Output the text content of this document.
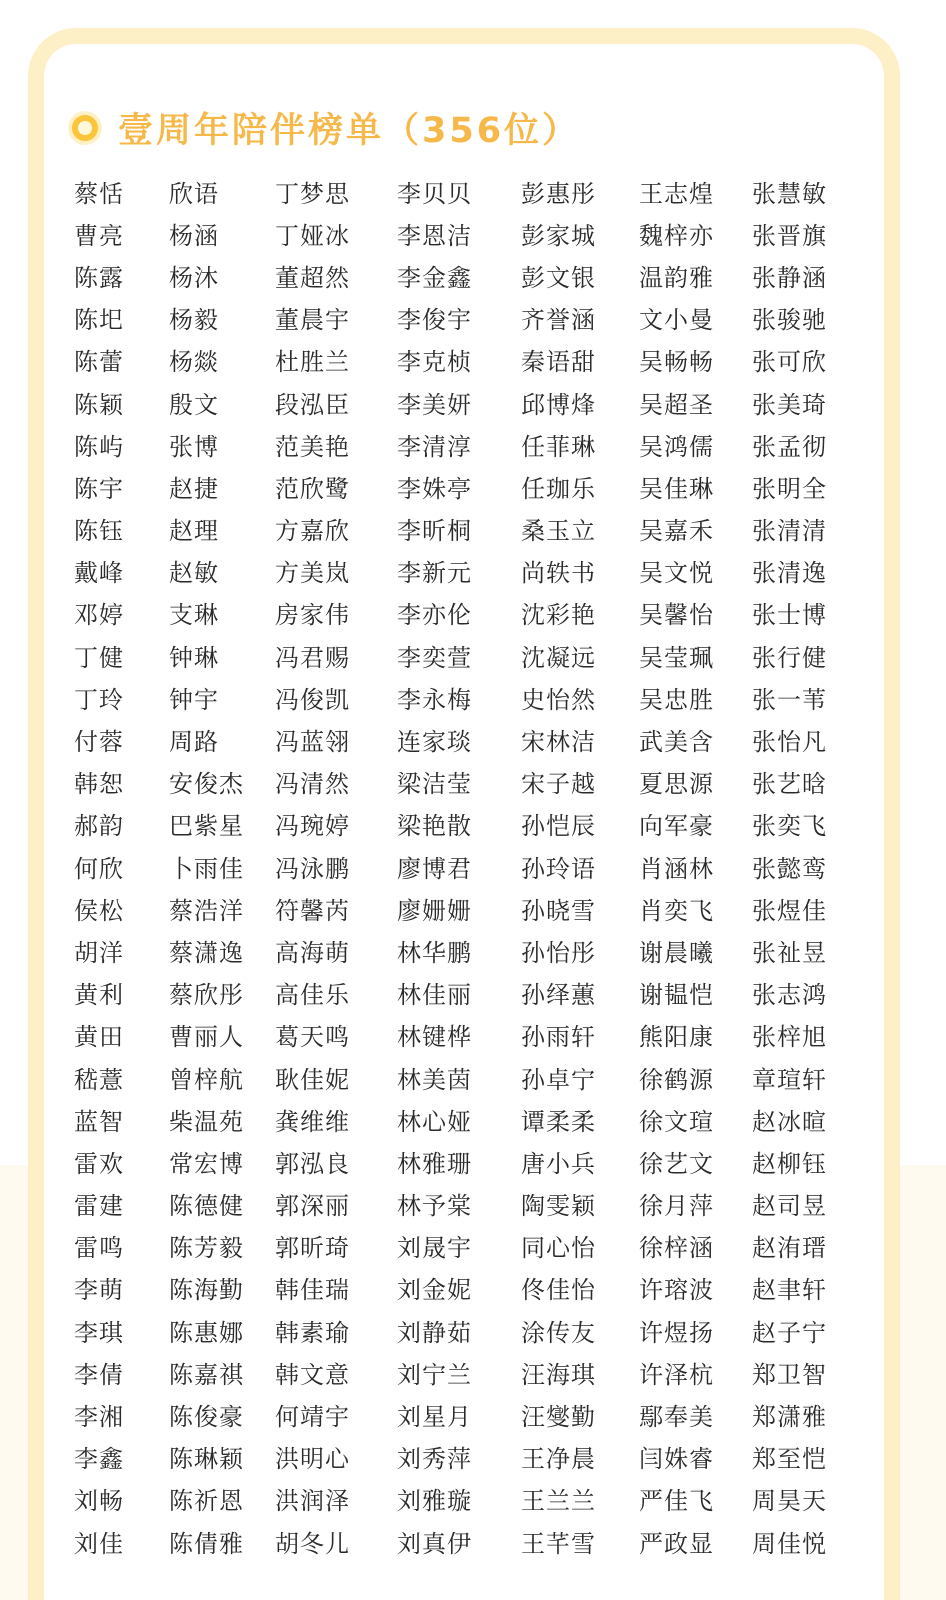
壹周年陪伴榜单（356位）
蔡恬	欣语	丁梦思	李贝贝	彭惠彤	王志煌	张慧敏
曹亮	杨涵	丁娅冰	李恩洁	彭家城	魏梓亦	张晋旗
陈露	杨沐	董超然	李金鑫	彭文银	温韵雅	张静涵
陈圯	杨毅	董晨宇	李俊宇	齐誉涵	文小曼	张骏驰
陈蕾	杨燚	杜胜兰	李克桢	秦语甜	吴畅畅	张可欣
陈颖	殷文	段泓臣	李美妍	邱博烽	吴超圣	张美琦
陈屿	张博	范美艳	李清淳	任菲琳	吴鸿儒	张孟彻
陈宇	赵捷	范欣鹭	李姝亭	任珈乐	吴佳琳	张明全
陈钰	赵理	方嘉欣	李昕桐	桑玉立	吴嘉禾	张清清
戴峰	赵敏	方美岚	李新元	尚轶书	吴文悦	张清逸
邓婷	支琳	房家伟	李亦伦	沈彩艳	吴馨怡	张士博
丁健	钟琳	冯君赐	李奕萱	沈凝远	吴莹珮	张行健
丁玲	钟宇	冯俊凯	李永梅	史怡然	吴忠胜	张一苇
付蓉	周路	冯蓝翎	连家琰	宋林洁	武美含	张怡凡
韩恕	安俊杰	冯清然	梁洁莹	宋子越	夏思源	张艺晗
郝韵	巴紫星	冯琬婷	梁艳散	孙恺辰	向军豪	张奕飞
何欣	卜雨佳	冯泳鹏	廖博君	孙玲语	肖涵林	张懿鸾
侯松	蔡浩洋	符馨芮	廖姗姗	孙晓雪	肖奕飞	张煜佳
胡洋	蔡潇逸	高海萌	林华鹏	孙怡彤	谢晨曦	张祉昱
黄利	蔡欣彤	高佳乐	林佳丽	孙绎蕙	谢韫恺	张志鸿
黄田	曹丽人	葛天鸣	林键桦	孙雨轩	熊阳康	张梓旭
嵇薏	曾梓航	耿佳妮	林美茵	孙卓宁	徐鹤源	章瑄轩
蓝智	柴温苑	龚维维	林心娅	谭柔柔	徐文瑄	赵冰暄
雷欢	常宏博	郭泓良	林雅珊	唐小兵	徐艺文	赵柳钰
雷建	陈德健	郭深丽	林予棠	陶雯颖	徐月萍	赵司昱
雷鸣	陈芳毅	郭昕琦	刘晟宇	同心怡	徐梓涵	赵洧瑨
李萌	陈海勤	韩佳瑞	刘金妮	佟佳怡	许瑢波	赵聿轩
李琪	陈惠娜	韩素瑜	刘静茹	涂传友	许煜扬	赵子宁
李倩	陈嘉祺	韩文意	刘宁兰	汪海琪	许泽杭	郑卫智
李湘	陈俊豪	何靖宇	刘星月	汪燮勤	鄢奉美	郑潇雅
李鑫	陈琳颖	洪明心	刘秀萍	王净晨	闫姝睿	郑至恺
刘畅	陈祈恩	洪润泽	刘雅璇	王兰兰	严佳飞	周昊天
刘佳	陈倩雅	胡冬儿	刘真伊	王芊雪	严政显	周佳悦
